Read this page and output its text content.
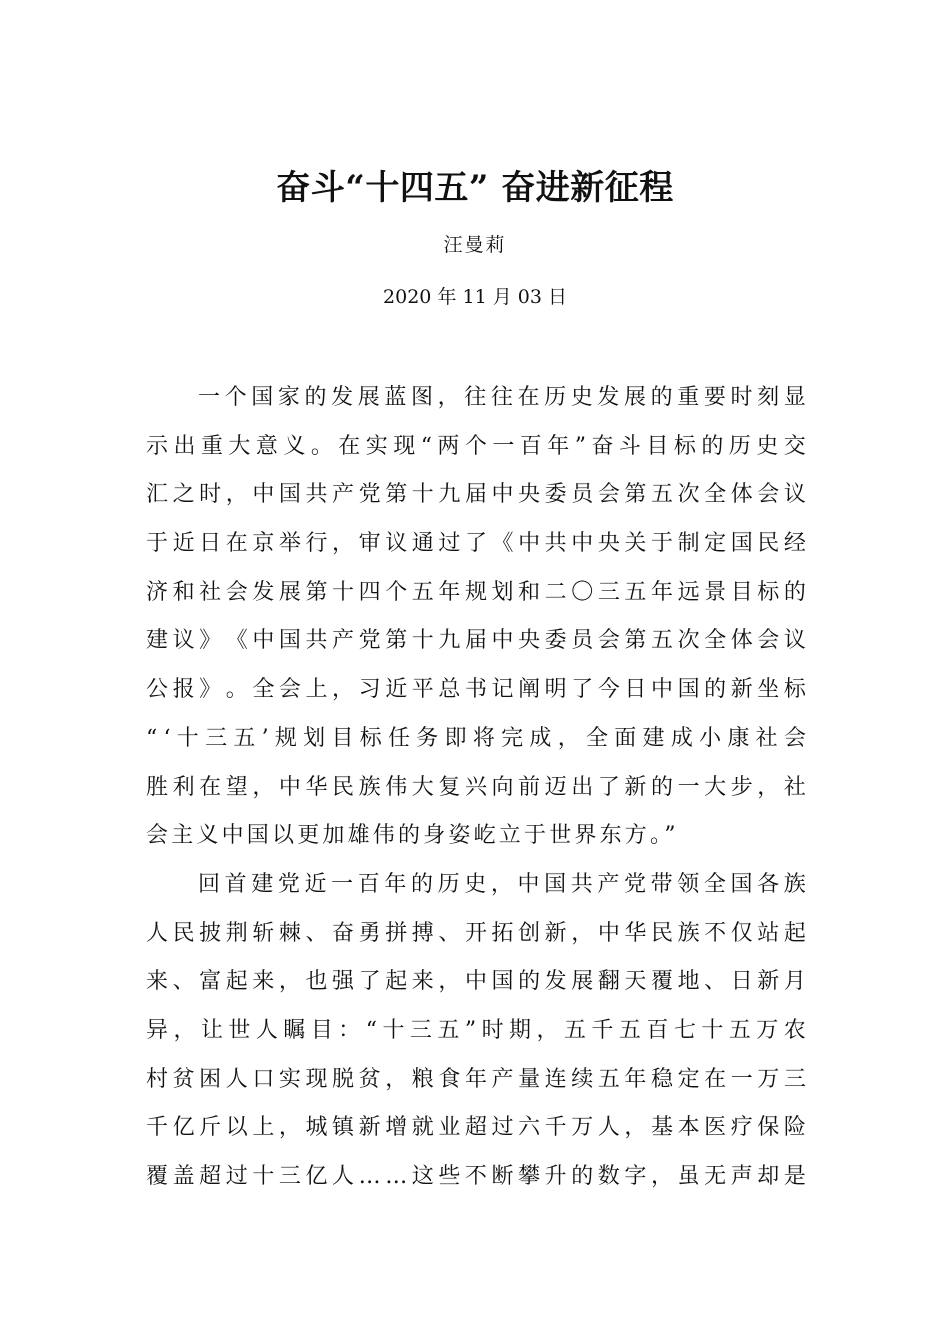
奋斗“十四五” 奋进新征程
汪曼莉
2020 年 11 月 03 日
一 个 国 家 的 发 展 蓝 图 ， 往 往 在 历 史 发 展 的 重 要 时 刻 显
示 出 重 大 意 义 。 在 实 现 “ 两 个 一 百 年 ” 奋 斗 目 标 的 历 史 交
汇 之 时 ， 中 国 共 产 党 第 十 九 届 中 央 委 员 会 第 五 次 全 体 会 议
于 近 日 在 京 举 行 ， 审 议 通 过 了 《 中 共 中 央 关 于 制 定 国 民 经
济 和 社 会 发 展 第 十 四 个 五 年 规 划 和 二 〇 三 五 年 远 景 目 标 的
建 议 》 《 中 国 共 产 党 第 十 九 届 中 央 委 员 会 第 五 次 全 体 会 议
公 报 》 。 全 会 上 ， 习 近 平 总 书 记 阐 明 了 今 日 中 国 的 新 坐 标
“ ‘ 十 三 五 ’ 规 划 目 标 任 务 即 将 完 成 ， 全 面 建 成 小 康 社 会
胜 利 在 望 ， 中 华 民 族 伟 大 复 兴 向 前 迈 出 了 新 的 一 大 步 ， 社
会主义中国以更加雄伟的身姿屹立于世界东方。”
回 首 建 党 近 一 百 年 的 历 史 ， 中 国 共 产 党 带 领 全 国 各 族
人 民 披 荆 斩 棘 、 奋 勇 拼 搏 、 开 拓 创 新 ， 中 华 民 族 不 仅 站 起
来 、 富 起 来 ， 也 强 了 起 来 ， 中 国 的 发 展 翻 天 覆 地 、 日 新 月
异 ， 让 世 人 瞩 目 ： “ 十 三 五 ” 时 期 ， 五 千 五 百 七 十 五 万 农
村 贫 困 人 口 实 现 脱 贫 ， 粮 食 年 产 量 连 续 五 年 稳 定 在 一 万 三
千 亿 斤 以 上 ， 城 镇 新 增 就 业 超 过 六 千 万 人 ， 基 本 医 疗 保 险
覆 盖 超 过 十 三 亿 人 … … 这 些 不 断 攀 升 的 数 字 ， 虽 无 声 却 是
